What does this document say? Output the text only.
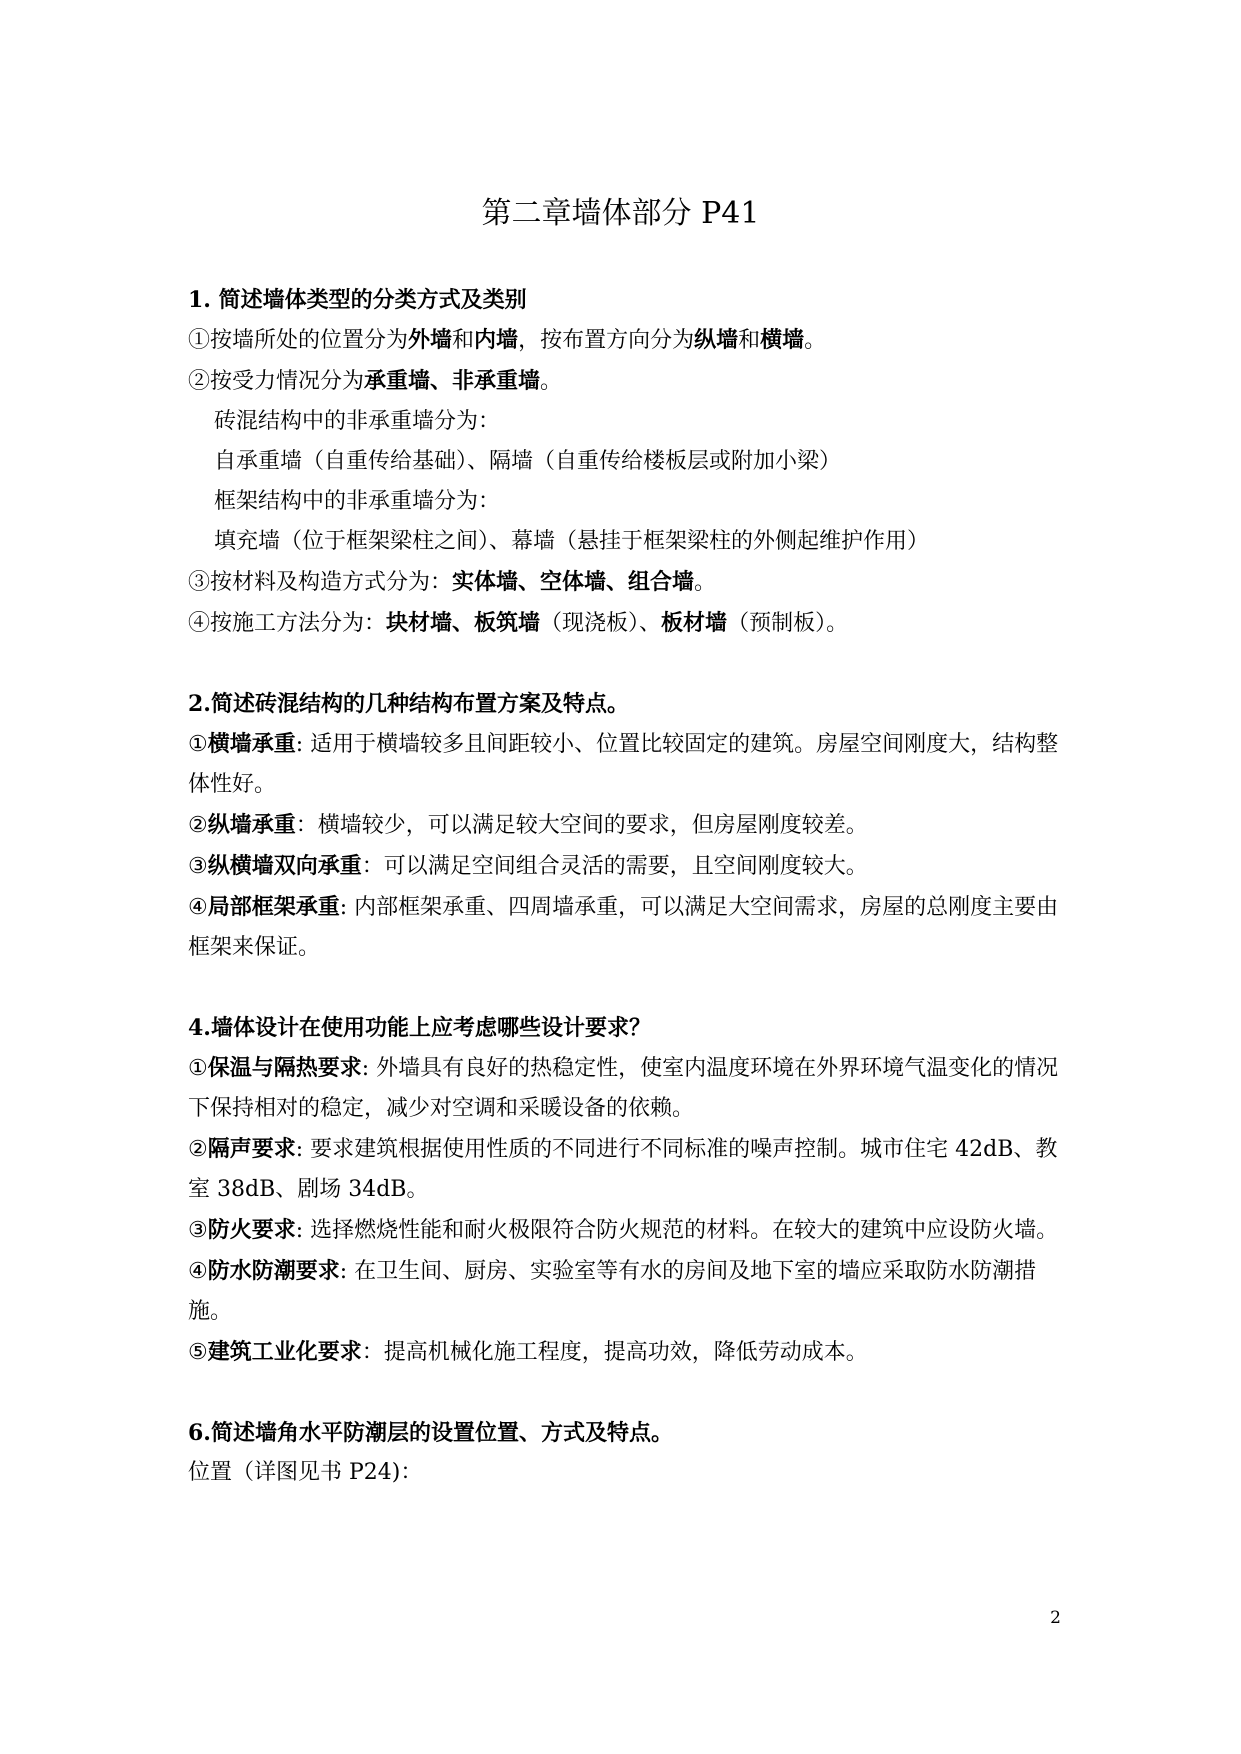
第二章墙体部分 P41

1. 简述墙体类型的分类方式及类别

①按墙所处的位置分为外墙和内墙，按布置方向分为纵墙和横墙。

②按受力情况分为承重墙、非承重墙。

砖混结构中的非承重墙分为：

自承重墙（自重传给基础）、隔墙（自重传给楼板层或附加小梁）

框架结构中的非承重墙分为：

填充墙（位于框架梁柱之间）、幕墙（悬挂于框架梁柱的外侧起维护作用）

③按材料及构造方式分为：实体墙、空体墙、组合墙。

④按施工方法分为：块材墙、板筑墙（现浇板）、板材墙（预制板）。

2.简述砖混结构的几种结构布置方案及特点。

①横墙承重: 适用于横墙较多且间距较小、位置比较固定的建筑。房屋空间刚度大，结构整体性好。

②纵墙承重：横墙较少，可以满足较大空间的要求，但房屋刚度较差。

③纵横墙双向承重：可以满足空间组合灵活的需要，且空间刚度较大。

④局部框架承重: 内部框架承重、四周墙承重，可以满足大空间需求，房屋的总刚度主要由框架来保证。

4.墙体设计在使用功能上应考虑哪些设计要求？

①保温与隔热要求: 外墙具有良好的热稳定性，使室内温度环境在外界环境气温变化的情况下保持相对的稳定，减少对空调和采暖设备的依赖。

②隔声要求: 要求建筑根据使用性质的不同进行不同标准的噪声控制。城市住宅 42dB、教室 38dB、剧场 34dB。

③防火要求: 选择燃烧性能和耐火极限符合防火规范的材料。在较大的建筑中应设防火墙。

④防水防潮要求: 在卫生间、厨房、实验室等有水的房间及地下室的墙应采取防水防潮措施。

⑤建筑工业化要求：提高机械化施工程度，提高功效，降低劳动成本。

6.简述墙角水平防潮层的设置位置、方式及特点。

位置（详图见书 P24)：

2
